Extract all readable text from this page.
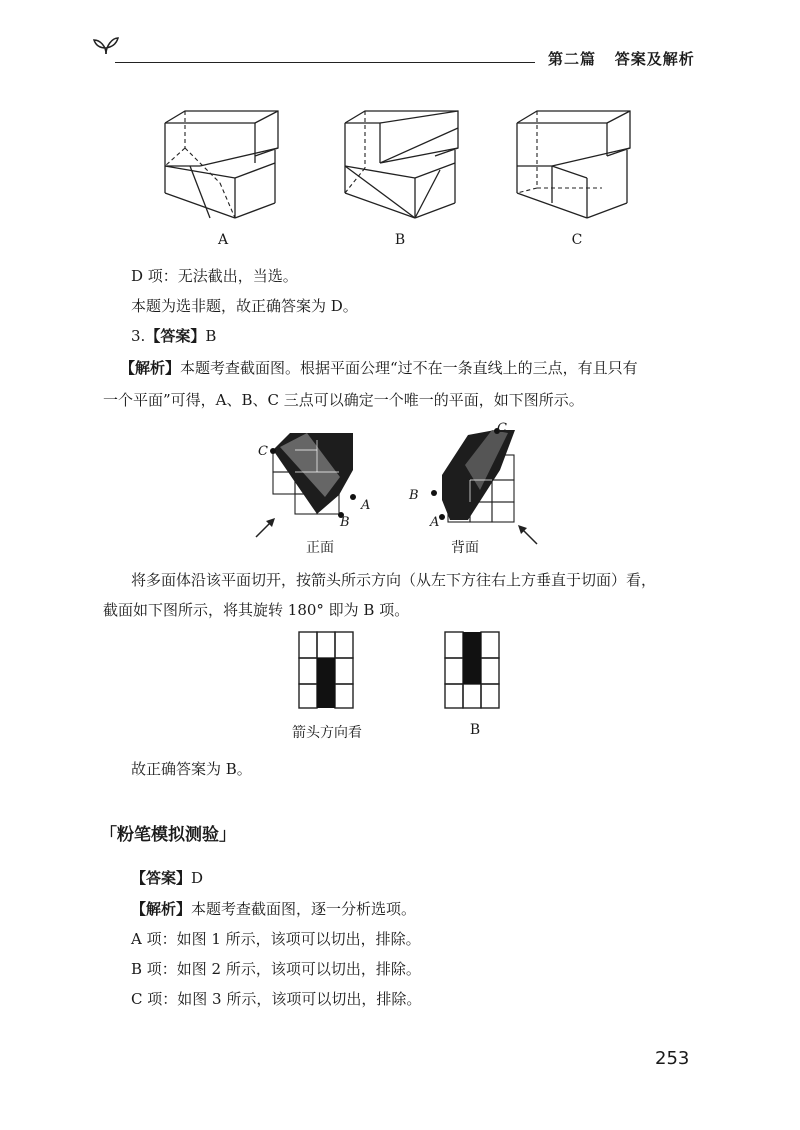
第二篇 答案及解析
A	B	C
D 项：无法截出，当选。
本题为选非题，故正确答案为 D。
3.【答案】B
【解析】本题考查截面图。根据平面公理“过不在一条直线上的三点，有且只有
一个平面”可得，A、B、C 三点可以确定一个唯一的平面，如下图所示。
C
A
B
C
B
A
正面	背面
将多面体沿该平面切开，按箭头所示方向（从左下方往右上方垂直于切面）看，
截面如下图所示，将其旋转 180° 即为 B 项。
箭头方向看	B
故正确答案为 B。
「粉笔模拟测验」
【答案】D
【解析】本题考查截面图，逐一分析选项。
A 项：如图 1 所示，该项可以切出，排除。
B 项：如图 2 所示，该项可以切出，排除。
C 项：如图 3 所示，该项可以切出，排除。
253
